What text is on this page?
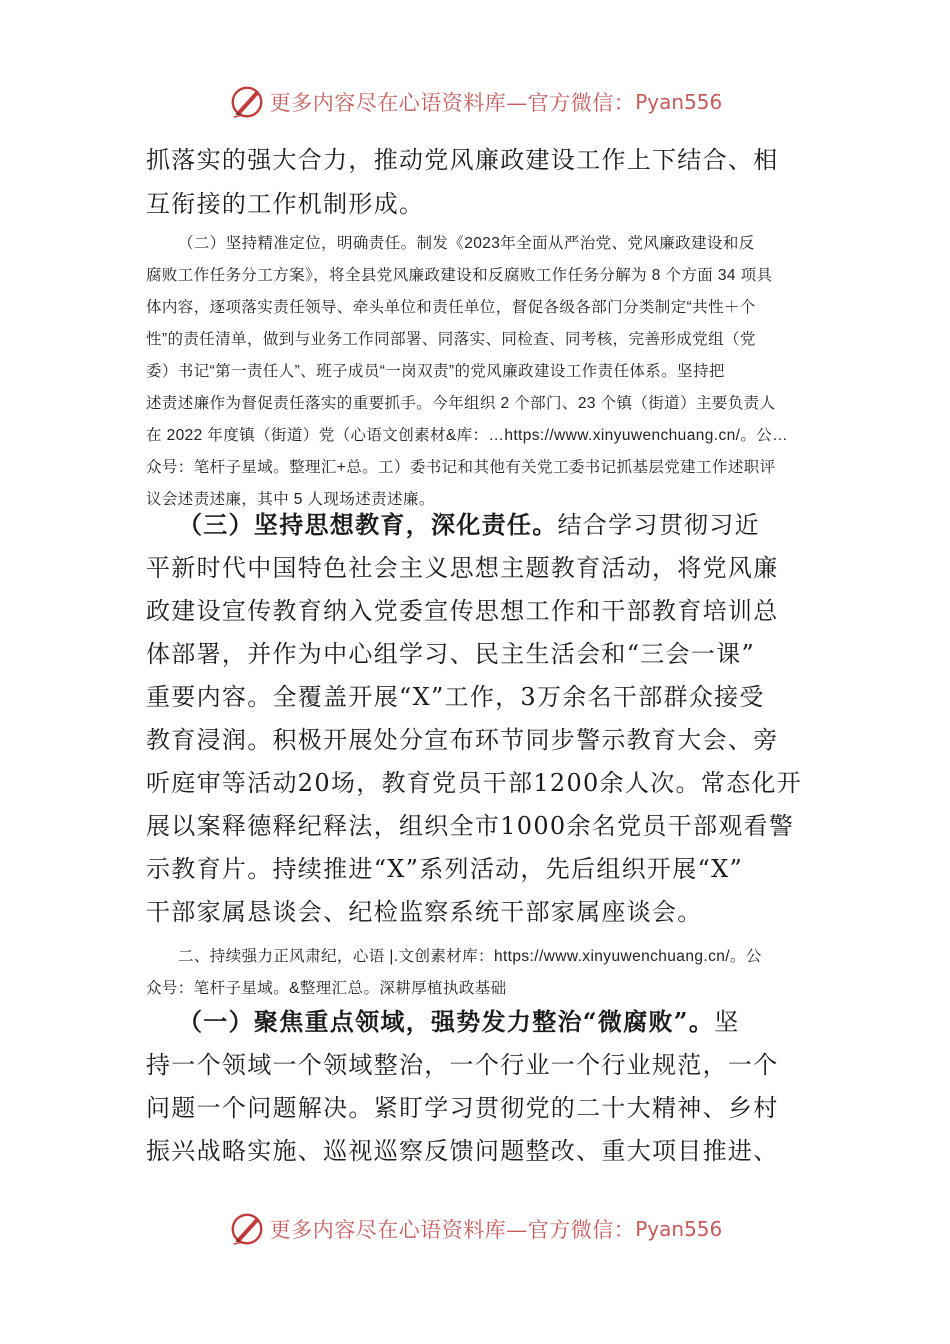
更多内容尽在心语资料库—官方微信： Pyan556

抓落实的强大合力，推动党风廉政建设工作上下结合、相

互衔接的工作机制形成。

（二）坚持精准定位，明确责任。制发《2023年全面从严治党、党风廉政建设和反

腐败工作任务分工方案》，将全县党风廉政建设和反腐败工作任务分解为 8 个方面 34 项具

体内容，逐项落实责任领导、牵头单位和责任单位，督促各级各部门分类制定“共性＋个

性”的责任清单，做到与业务工作同部署、同落实、同检查、同考核，完善形成党组（党

委）书记“第一责任人”、班子成员“一岗双责”的党风廉政建设工作责任体系。坚持把

述责述廉作为督促责任落实的重要抓手。今年组织 2 个部门、23 个镇（街道）主要负责人

在 2022 年度镇（街道）党（心语文创素材&库：…https://www.xinyuwenchuang.cn/。公…

众号：笔杆子星域。整理汇+总。工）委书记和其他有关党工委书记抓基层党建工作述职评

议会述责述廉，其中 5 人现场述责述廉。

（三）坚持思想教育，深化责任。结合学习贯彻习近

平新时代中国特色社会主义思想主题教育活动，将党风廉

政建设宣传教育纳入党委宣传思想工作和干部教育培训总

体部署，并作为中心组学习、民主生活会和“三会一课”

重要内容。全覆盖开展“X”工作，3万余名干部群众接受

教育浸润。积极开展处分宣布环节同步警示教育大会、旁

听庭审等活动20场，教育党员干部1200余人次。常态化开

展以案释德释纪释法，组织全市1000余名党员干部观看警

示教育片。持续推进“X”系列活动，先后组织开展“X”

干部家属恳谈会、纪检监察系统干部家属座谈会。

二、持续强力正风肃纪，心语 |.文创素材库：https://www.xinyuwenchuang.cn/。公

众号：笔杆子星域。&整理汇总。深耕厚植执政基础

（一）聚焦重点领域，强势发力整治“微腐败”。坚

持一个领域一个领域整治，一个行业一个行业规范，一个

问题一个问题解决。紧盯学习贯彻党的二十大精神、乡村

振兴战略实施、巡视巡察反馈问题整改、重大项目推进、

更多内容尽在心语资料库—官方微信： Pyan556
